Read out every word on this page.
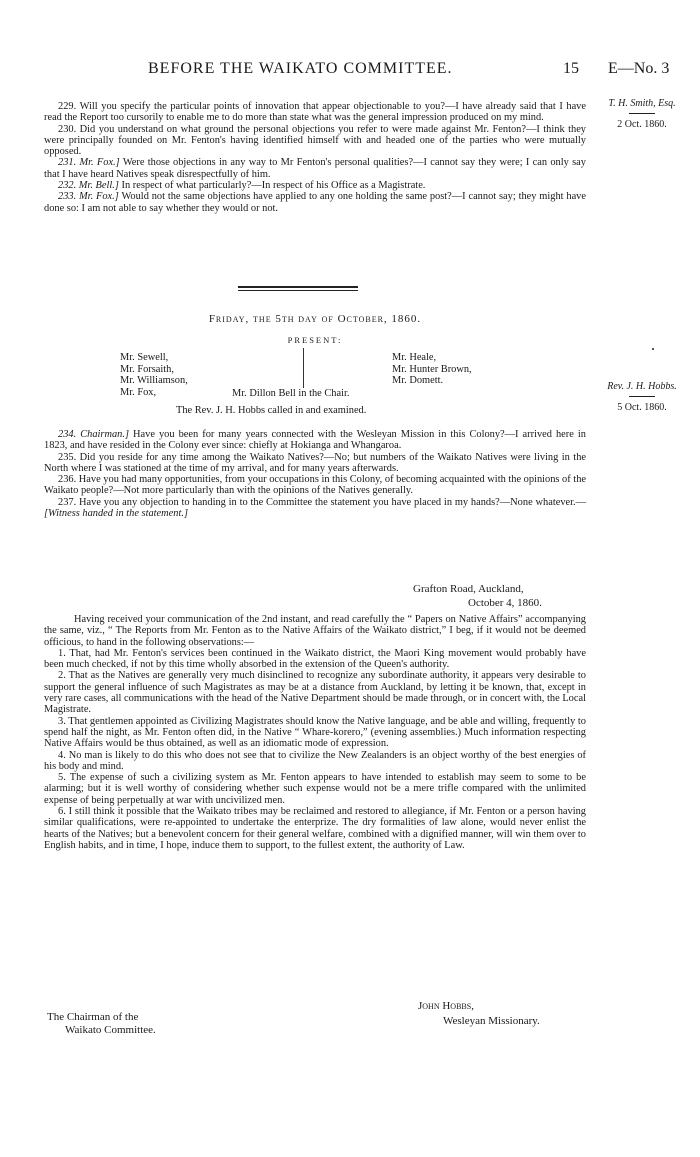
BEFORE THE WAIKATO COMMITTEE.	15 E—No. 3
T. H. Smith, Esq.
2 Oct. 1860.

229. Will you specify the particular points of innovation that appear objectionable to you?—I have already said that I have read the Report too cursorily to enable me to do more than state what was the general impression produced on my mind.

230. Did you understand on what ground the personal objections you refer to were made against Mr. Fenton?—I think they were principally founded on Mr. Fenton's having identified himself with and headed one of the parties who were mutually opposed.

231. Mr. Fox.] Were those objections in any way to Mr Fenton's personal qualities?—I cannot say they were; I can only say that I have heard Natives speak disrespectfully of him.

232. Mr. Bell.] In respect of what particularly?—In respect of his Office as a Magistrate.

233. Mr. Fox.] Would not the same objections have applied to any one holding the same post?—I cannot say; they might have done so: I am not able to say whether they would or not.

Friday, the 5th day of October, 1860.
PRESENT:
Mr. Sewell,
Mr. Forsaith,
Mr. Williamson,
Mr. Fox,
Mr. Heale,
Mr. Hunter Brown,
Mr. Domett.
Mr. Dillon Bell in the Chair.
The Rev. J. H. Hobbs called in and examined.
Rev. J. H. Hobbs.
5 Oct. 1860.

234. Chairman.] Have you been for many years connected with the Wesleyan Mission in this Colony?—I arrived here in 1823, and have resided in the Colony ever since: chiefly at Hokianga and Whangaroa.

235. Did you reside for any time among the Waikato Natives?—No; but numbers of the Waikato Natives were living in the North where I was stationed at the time of my arrival, and for many years afterwards.

236. Have you had many opportunities, from your occupations in this Colony, of becoming acquainted with the opinions of the Waikato people?—Not more particularly than with the opinions of the Natives generally.

237. Have you any objection to handing in to the Committee the statement you have placed in my hands?—None whatever.—[Witness handed in the statement.]

Grafton Road, Auckland,
October 4, 1860.

Having received your communication of the 2nd instant, and read carefully the “ Papers on Native Affairs” accompanying the same, viz., “ The Reports from Mr. Fenton as to the Native Affairs of the Waikato district,” I beg, if it would not be deemed officious, to hand in the following observations:—

1. That, had Mr. Fenton's services been continued in the Waikato district, the Maori King movement would probably have been much checked, if not by this time wholly absorbed in the extension of the Queen's authority.

2. That as the Natives are generally very much disinclined to recognize any subordinate authority, it appears very desirable to support the general influence of such Magistrates as may be at a distance from Auckland, by letting it be known, that, except in very rare cases, all communications with the head of the Native Department should be made through, or in concert with, the Local Magistrate.

3. That gentlemen appointed as Civilizing Magistrates should know the Native language, and be able and willing, frequently to spend half the night, as Mr. Fenton often did, in the Native “ Whare-korero,” (evening assemblies.) Much information respecting Native Affairs would be thus obtained, as well as an idiomatic mode of expression.

4. No man is likely to do this who does not see that to civilize the New Zealanders is an object worthy of the best energies of his body and mind.

5. The expense of such a civilizing system as Mr. Fenton appears to have intended to establish may seem to some to be alarming; but it is well worthy of considering whether such expense would not be a mere trifle compared with the unlimited expense of being perpetually at war with uncivilized men.

6. I still think it possible that the Waikato tribes may be reclaimed and restored to allegiance, if Mr. Fenton or a person having similar qualifications, were re-appointed to undertake the enterprize. The dry formalities of law alone, would never enlist the hearts of the Natives; but a benevolent concern for their general welfare, combined with a dignified manner, will win them over to English habits, and in time, I hope, induce them to support, to the fullest extent, the authority of Law.

John Hobbs,
Wesleyan Missionary.
The Chairman of the
Waikato Committee.
